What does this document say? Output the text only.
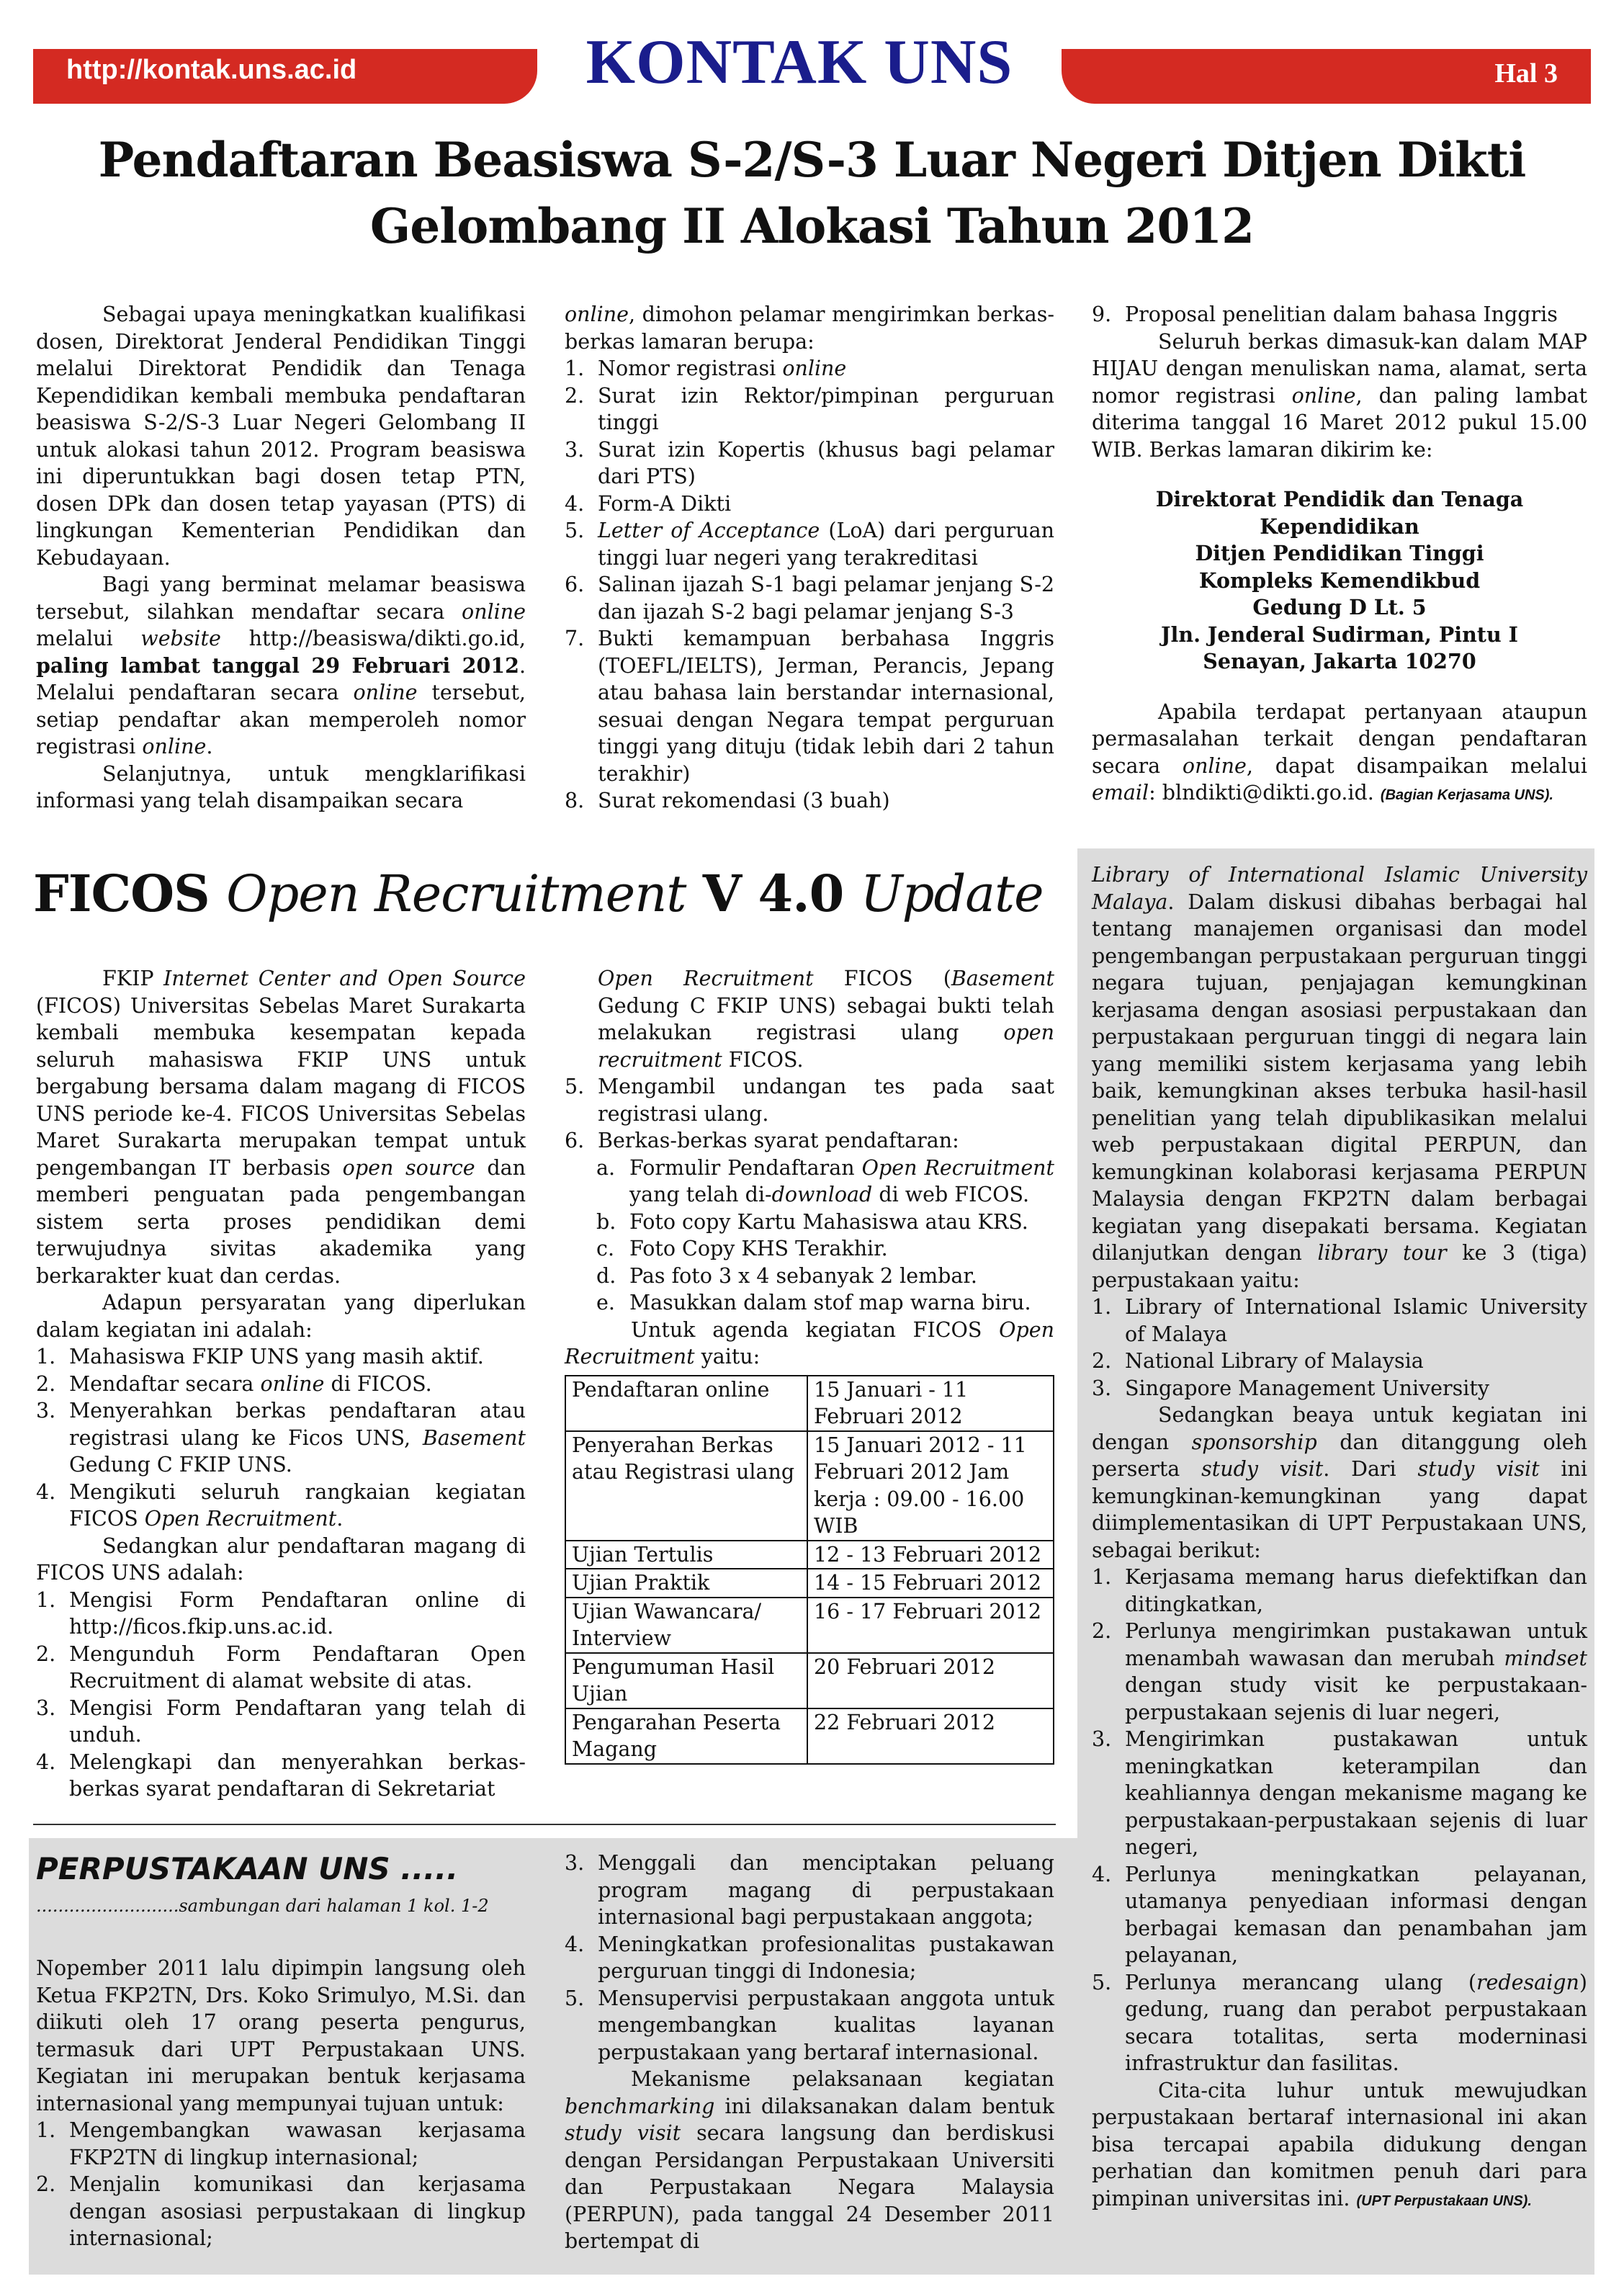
http://kontak.uns.ac.id	KONTAK UNS	Hal 3
Pendaftaran Beasiswa S-2/S-3 Luar Negeri Ditjen Dikti
Gelombang II Alokasi Tahun 2012

Sebagai upaya meningkatkan kualifikasi dosen, Direktorat Jenderal Pendidikan Tinggi melalui Direktorat Pendidik dan Tenaga Kependidikan kembali membuka pendaftaran beasiswa S-2/S-3 Luar Negeri Gelombang II untuk alokasi tahun 2012. Program beasiswa ini diperuntukkan bagi dosen tetap PTN, dosen DPk dan dosen tetap yayasan (PTS) di lingkungan Kementerian Pendidikan dan Kebudayaan.

Bagi yang berminat melamar beasiswa tersebut, silahkan mendaftar secara online melalui website http://beasiswa/dikti.go.id, paling lambat tanggal 29 Februari 2012. Melalui pendaftaran secara online tersebut, setiap pendaftar akan memperoleh nomor registrasi online.

Selanjutnya, untuk mengklarifikasi informasi yang telah disampaikan secara

online, dimohon pelamar mengirimkan berkas-berkas lamaran berupa:

1. Nomor registrasi online
2. Surat izin Rektor/pimpinan perguruan tinggi
3. Surat izin Kopertis (khusus bagi pelamar dari PTS)
4. Form-A Dikti
5. Letter of Acceptance (LoA) dari perguruan tinggi luar negeri yang terakreditasi
6. Salinan ijazah S-1 bagi pelamar jenjang S-2 dan ijazah S-2 bagi pelamar jenjang S-3
7. Bukti kemampuan berbahasa Inggris (TOEFL/IELTS), Jerman, Perancis, Jepang atau bahasa lain berstandar internasional, sesuai dengan Negara tempat perguruan tinggi yang dituju (tidak lebih dari 2 tahun terakhir)
8. Surat rekomendasi (3 buah)
9. Proposal penelitian dalam bahasa Inggris

Seluruh berkas dimasuk-kan dalam MAP HIJAU dengan menuliskan nama, alamat, serta nomor registrasi online, dan paling lambat diterima tanggal 16 Maret 2012 pukul 15.00 WIB. Berkas lamaran dikirim ke:

Direktorat Pendidik dan Tenaga
Kependidikan
Ditjen Pendidikan Tinggi
Kompleks Kemendikbud
Gedung D Lt. 5
Jln. Jenderal Sudirman, Pintu I
Senayan, Jakarta 10270

Apabila terdapat pertanyaan ataupun permasalahan terkait dengan pendaftaran secara online, dapat disampaikan melalui email: blndikti@dikti.go.id. (Bagian Kerjasama UNS).

FICOS Open Recruitment V 4.0 Update

FKIP Internet Center and Open Source (FICOS) Universitas Sebelas Maret Surakarta kembali membuka kesempatan kepada seluruh mahasiswa FKIP UNS untuk bergabung bersama dalam magang di FICOS UNS periode ke-4. FICOS Universitas Sebelas Maret Surakarta merupakan tempat untuk pengembangan IT berbasis open source dan memberi penguatan pada pengembangan sistem serta proses pendidikan demi terwujudnya sivitas akademika yang berkarakter kuat dan cerdas.

Adapun persyaratan yang diperlukan dalam kegiatan ini adalah:

1. Mahasiswa FKIP UNS yang masih aktif.
2. Mendaftar secara online di FICOS.
3. Menyerahkan berkas pendaftaran atau registrasi ulang ke Ficos UNS, Basement Gedung C FKIP UNS.
4. Mengikuti seluruh rangkaian kegiatan FICOS Open Recruitment.

Sedangkan alur pendaftaran magang di FICOS UNS adalah:

1. Mengisi Form Pendaftaran online di http://ficos.fkip.uns.ac.id.
2. Mengunduh Form Pendaftaran Open Recruitment di alamat website di atas.
3. Mengisi Form Pendaftaran yang telah di unduh.
4. Melengkapi dan menyerahkan berkas-berkas syarat pendaftaran di Sekretariat

Open Recruitment FICOS (Basement Gedung C FKIP UNS) sebagai bukti telah melakukan registrasi ulang open recruitment FICOS.

5. Mengambil undangan tes pada saat registrasi ulang.
6. Berkas-berkas syarat pendaftaran:
a. Formulir Pendaftaran Open Recruitment yang telah di-download di web FICOS.
b. Foto copy Kartu Mahasiswa atau KRS.
c. Foto Copy KHS Terakhir.
d. Pas foto 3 x 4 sebanyak 2 lembar.
e. Masukkan dalam stof map warna biru.

Untuk agenda kegiatan FICOS Open Recruitment yaitu:

Pendaftaran online	15 Januari - 11 Februari 2012
Penyerahan Berkas atau Registrasi ulang	15 Januari 2012 - 11 Februari 2012 Jam kerja : 09.00 - 16.00 WIB
Ujian Tertulis	12 - 13 Februari 2012
Ujian Praktik	14 - 15 Februari 2012
Ujian Wawancara/ Interview	16 - 17 Februari 2012
Pengumuman Hasil Ujian	20 Februari 2012
Pengarahan Peserta Magang	22 Februari 2012
PERPUSTAKAAN UNS .....
..........................sambungan dari halaman 1 kol. 1-2

Nopember 2011 lalu dipimpin langsung oleh Ketua FKP2TN, Drs. Koko Srimulyo, M.Si. dan diikuti oleh 17 orang peserta pengurus, termasuk dari UPT Perpustakaan UNS. Kegiatan ini merupakan bentuk kerjasama internasional yang mempunyai tujuan untuk:

1. Mengembangkan wawasan kerjasama FKP2TN di lingkup internasional;
2. Menjalin komunikasi dan kerjasama dengan asosiasi perpustakaan di lingkup internasional;
3. Menggali dan menciptakan peluang program magang di perpustakaan internasional bagi perpustakaan anggota;
4. Meningkatkan profesionalitas pustakawan perguruan tinggi di Indonesia;
5. Mensupervisi perpustakaan anggota untuk mengembangkan kualitas layanan perpustakaan yang bertaraf internasional.

Mekanisme pelaksanaan kegiatan benchmarking ini dilaksanakan dalam bentuk study visit secara langsung dan berdiskusi dengan Persidangan Perpustakaan Universiti dan Perpustakaan Negara Malaysia (PERPUN), pada tanggal 24 Desember 2011 bertempat di

Library of International Islamic University Malaya. Dalam diskusi dibahas berbagai hal tentang manajemen organisasi dan model pengembangan perpustakaan perguruan tinggi negara tujuan, penjajagan kemungkinan kerjasama dengan asosiasi perpustakaan dan perpustakaan perguruan tinggi di negara lain yang memiliki sistem kerjasama yang lebih baik, kemungkinan akses terbuka hasil-hasil penelitian yang telah dipublikasikan melalui web perpustakaan digital PERPUN, dan kemungkinan kolaborasi kerjasama PERPUN Malaysia dengan FKP2TN dalam berbagai kegiatan yang disepakati bersama. Kegiatan dilanjutkan dengan library tour ke 3 (tiga) perpustakaan yaitu:

1. Library of International Islamic University of Malaya
2. National Library of Malaysia
3. Singapore Management University

Sedangkan beaya untuk kegiatan ini dengan sponsorship dan ditanggung oleh perserta study visit. Dari study visit ini kemungkinan-kemungkinan yang dapat diimplementasikan di UPT Perpustakaan UNS, sebagai berikut:

1. Kerjasama memang harus diefektifkan dan ditingkatkan,
2. Perlunya mengirimkan pustakawan untuk menambah wawasan dan merubah mindset dengan study visit ke perpustakaan-perpustakaan sejenis di luar negeri,
3. Mengirimkan pustakawan untuk meningkatkan keterampilan dan keahliannya dengan mekanisme magang ke perpustakaan-perpustakaan sejenis di luar negeri,
4. Perlunya meningkatkan pelayanan, utamanya penyediaan informasi dengan berbagai kemasan dan penambahan jam pelayanan,
5. Perlunya merancang ulang (redesaign) gedung, ruang dan perabot perpustakaan secara totalitas, serta moderninasi infrastruktur dan fasilitas.

Cita-cita luhur untuk mewujudkan perpustakaan bertaraf internasional ini akan bisa tercapai apabila didukung dengan perhatian dan komitmen penuh dari para pimpinan universitas ini. (UPT Perpustakaan UNS).
